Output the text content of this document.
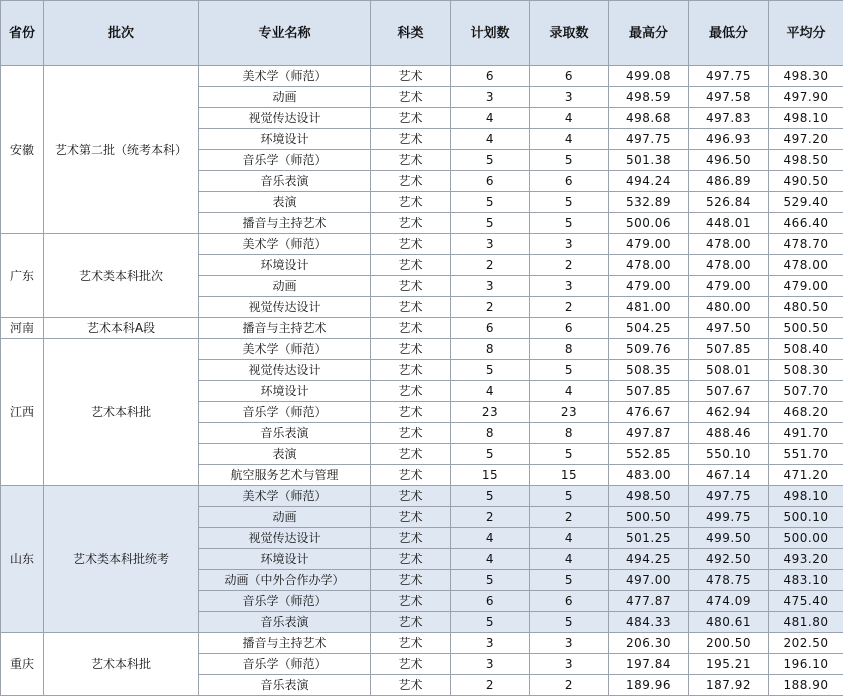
省份	批次	专业名称	科类	计划数	录取数	最高分	最低分	平均分
安徽	艺术第二批（统考本科）	美术学（师范）	艺术	6	6	499.08	497.75	498.30
		动画	艺术	3	3	498.59	497.58	497.90
		视觉传达设计	艺术	4	4	498.68	497.83	498.10
		环境设计	艺术	4	4	497.75	496.93	497.20
		音乐学（师范）	艺术	5	5	501.38	496.50	498.50
		音乐表演	艺术	6	6	494.24	486.89	490.50
		表演	艺术	5	5	532.89	526.84	529.40
		播音与主持艺术	艺术	5	5	500.06	448.01	466.40
广东	艺术类本科批次	美术学（师范）	艺术	3	3	479.00	478.00	478.70
		环境设计	艺术	2	2	478.00	478.00	478.00
		动画	艺术	3	3	479.00	479.00	479.00
		视觉传达设计	艺术	2	2	481.00	480.00	480.50
河南	艺术本科A段	播音与主持艺术	艺术	6	6	504.25	497.50	500.50
江西	艺术本科批	美术学（师范）	艺术	8	8	509.76	507.85	508.40
		视觉传达设计	艺术	5	5	508.35	508.01	508.30
		环境设计	艺术	4	4	507.85	507.67	507.70
		音乐学（师范）	艺术	23	23	476.67	462.94	468.20
		音乐表演	艺术	8	8	497.87	488.46	491.70
		表演	艺术	5	5	552.85	550.10	551.70
		航空服务艺术与管理	艺术	15	15	483.00	467.14	471.20
山东	艺术类本科批统考	美术学（师范）	艺术	5	5	498.50	497.75	498.10
		动画	艺术	2	2	500.50	499.75	500.10
		视觉传达设计	艺术	4	4	501.25	499.50	500.00
		环境设计	艺术	4	4	494.25	492.50	493.20
		动画（中外合作办学）	艺术	5	5	497.00	478.75	483.10
		音乐学（师范）	艺术	6	6	477.87	474.09	475.40
		音乐表演	艺术	5	5	484.33	480.61	481.80
重庆	艺术本科批	播音与主持艺术	艺术	3	3	206.30	200.50	202.50
		音乐学（师范）	艺术	3	3	197.84	195.21	196.10
		音乐表演	艺术	2	2	189.96	187.92	188.90
